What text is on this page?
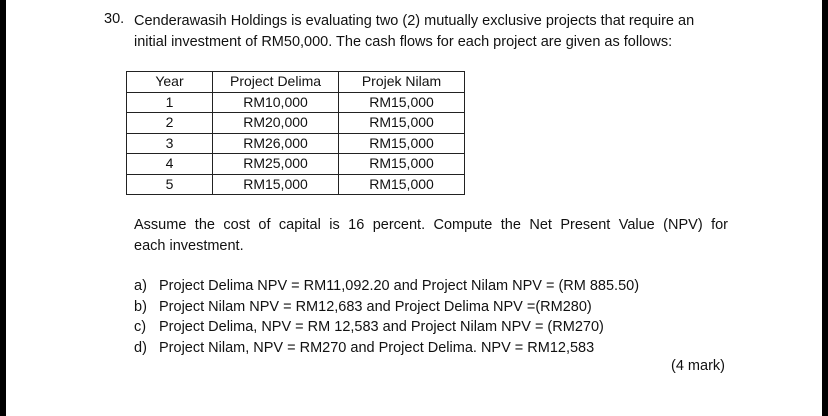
30. Cenderawasih Holdings is evaluating two (2) mutually exclusive projects that require an
initial investment of RM50,000. The cash flows for each project are given as follows:
Year	Project Delima	Projek Nilam
1	RM10,000	RM15,000
2	RM20,000	RM15,000
3	RM26,000	RM15,000
4	RM25,000	RM15,000
5	RM15,000	RM15,000
Assume the cost of capital is 16 percent. Compute the Net Present Value (NPV) for
each investment.
a) Project Delima NPV = RM11,092.20 and Project Nilam NPV = (RM 885.50)
b) Project Nilam NPV = RM12,683 and Project Delima NPV =(RM280)
c) Project Delima, NPV = RM 12,583 and Project Nilam NPV = (RM270)
d) Project Nilam, NPV = RM270 and Project Delima. NPV = RM12,583
(4 mark)
